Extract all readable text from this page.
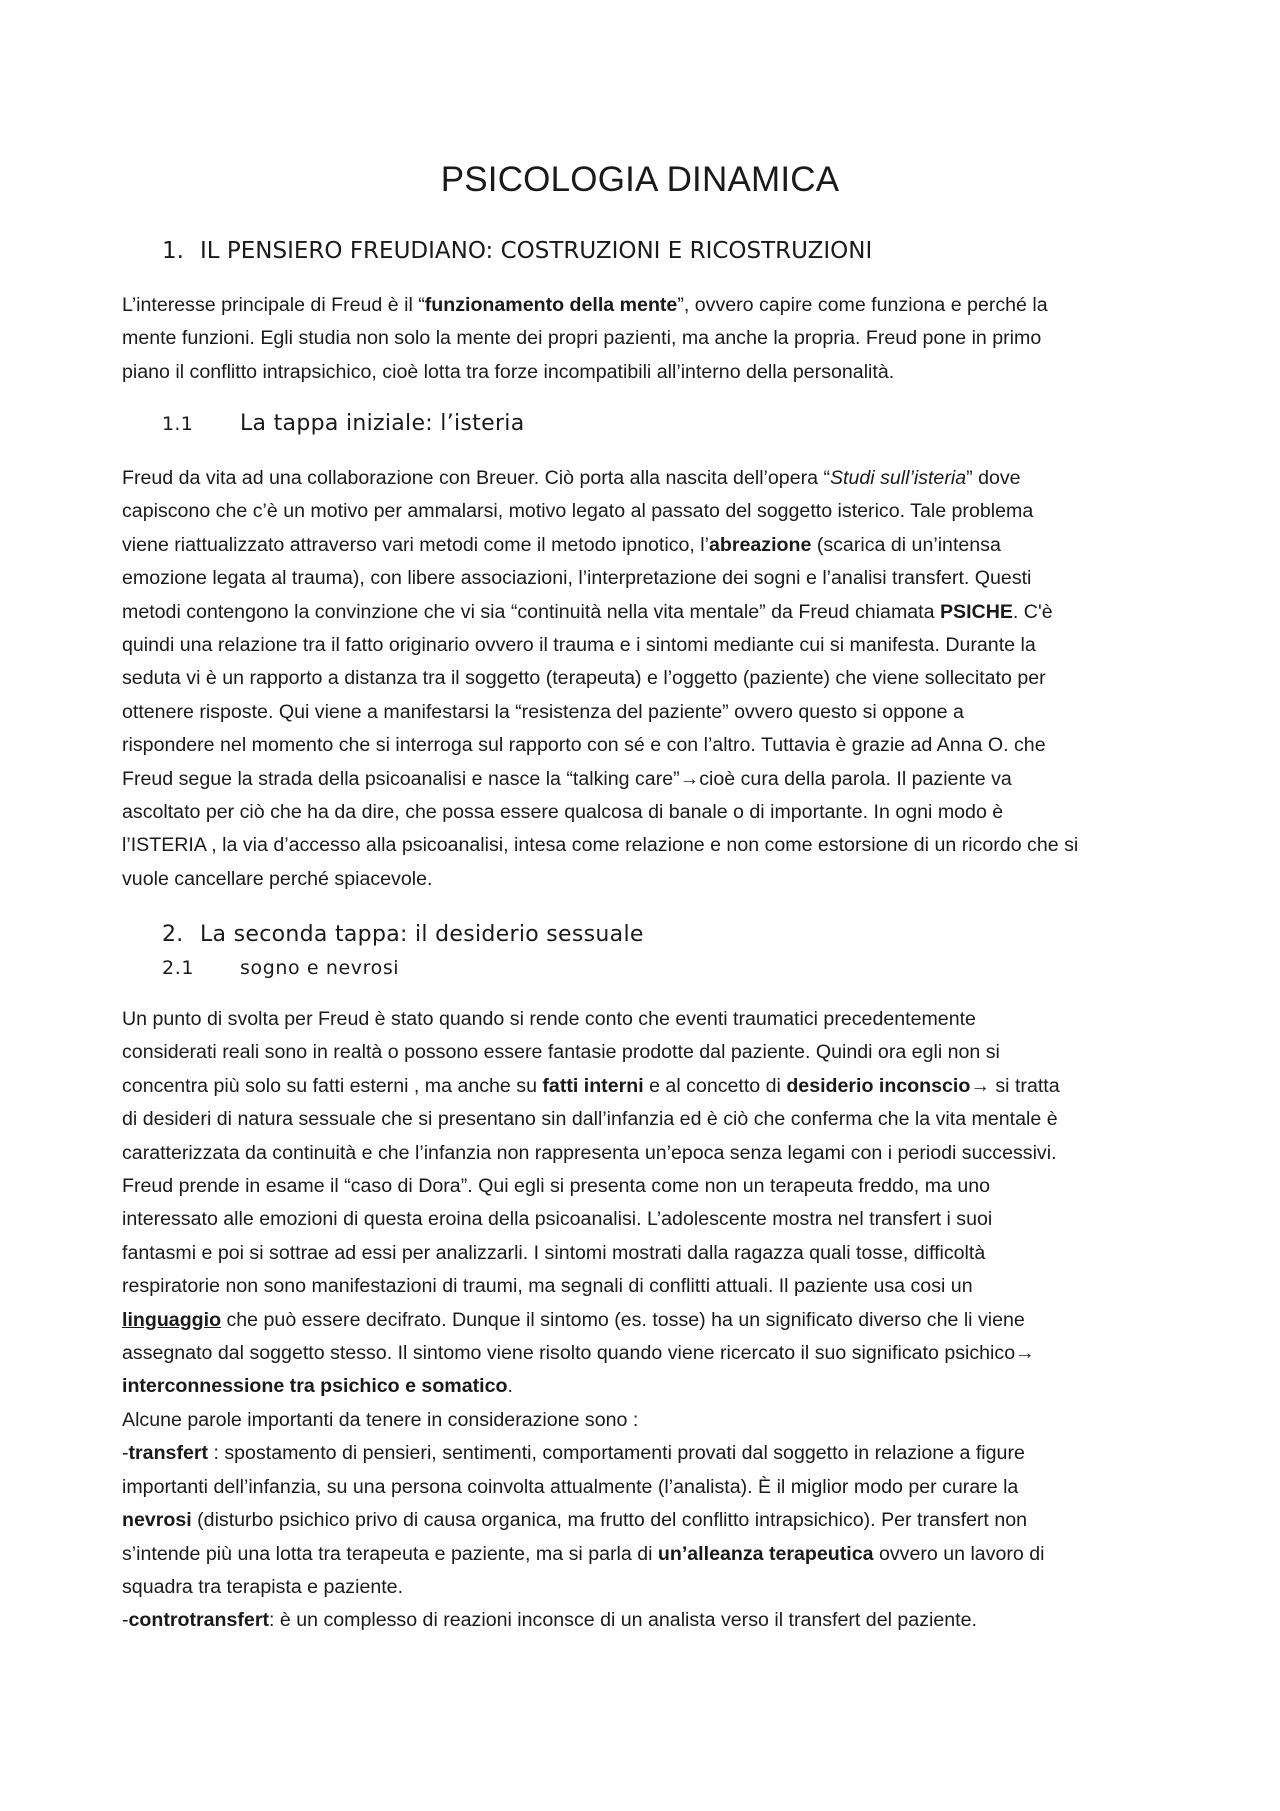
PSICOLOGIA DINAMICA
1. IL PENSIERO FREUDIANO: COSTRUZIONI E RICOSTRUZIONI
L’interesse principale di Freud è il “funzionamento della mente”, ovvero capire come funziona e perché la
mente funzioni. Egli studia non solo la mente dei propri pazienti, ma anche la propria. Freud pone in primo
piano il conflitto intrapsichico, cioè lotta tra forze incompatibili all’interno della personalità.
1.1 La tappa iniziale: l’isteria
Freud da vita ad una collaborazione con Breuer. Ciò porta alla nascita dell’opera “Studi sull’isteria” dove
capiscono che c’è un motivo per ammalarsi, motivo legato al passato del soggetto isterico. Tale problema
viene riattualizzato attraverso vari metodi come il metodo ipnotico, l’abreazione (scarica di un’intensa
emozione legata al trauma), con libere associazioni, l’interpretazione dei sogni e l’analisi transfert. Questi
metodi contengono la convinzione che vi sia “continuità nella vita mentale” da Freud chiamata PSICHE. C'è
quindi una relazione tra il fatto originario ovvero il trauma e i sintomi mediante cui si manifesta. Durante la
seduta vi è un rapporto a distanza tra il soggetto (terapeuta) e l’oggetto (paziente) che viene sollecitato per
ottenere risposte. Qui viene a manifestarsi la “resistenza del paziente” ovvero questo si oppone a
rispondere nel momento che si interroga sul rapporto con sé e con l’altro. Tuttavia è grazie ad Anna O. che
Freud segue la strada della psicoanalisi e nasce la “talking care”→cioè cura della parola. Il paziente va
ascoltato per ciò che ha da dire, che possa essere qualcosa di banale o di importante. In ogni modo è
l’ISTERIA , la via d’accesso alla psicoanalisi, intesa come relazione e non come estorsione di un ricordo che si
vuole cancellare perché spiacevole.
2. La seconda tappa: il desiderio sessuale
2.1 sogno e nevrosi
Un punto di svolta per Freud è stato quando si rende conto che eventi traumatici precedentemente
considerati reali sono in realtà o possono essere fantasie prodotte dal paziente. Quindi ora egli non si
concentra più solo su fatti esterni , ma anche su fatti interni e al concetto di desiderio inconscio→ si tratta
di desideri di natura sessuale che si presentano sin dall’infanzia ed è ciò che conferma che la vita mentale è
caratterizzata da continuità e che l’infanzia non rappresenta un’epoca senza legami con i periodi successivi.
Freud prende in esame il “caso di Dora”. Qui egli si presenta come non un terapeuta freddo, ma uno
interessato alle emozioni di questa eroina della psicoanalisi. L’adolescente mostra nel transfert i suoi
fantasmi e poi si sottrae ad essi per analizzarli. I sintomi mostrati dalla ragazza quali tosse, difficoltà
respiratorie non sono manifestazioni di traumi, ma segnali di conflitti attuali. Il paziente usa cosi un
linguaggio che può essere decifrato. Dunque il sintomo (es. tosse) ha un significato diverso che li viene
assegnato dal soggetto stesso. Il sintomo viene risolto quando viene ricercato il suo significato psichico→
interconnessione tra psichico e somatico.
Alcune parole importanti da tenere in considerazione sono :
-transfert : spostamento di pensieri, sentimenti, comportamenti provati dal soggetto in relazione a figure
importanti dell’infanzia, su una persona coinvolta attualmente (l’analista). È il miglior modo per curare la
nevrosi (disturbo psichico privo di causa organica, ma frutto del conflitto intrapsichico). Per transfert non
s’intende più una lotta tra terapeuta e paziente, ma si parla di un’alleanza terapeutica ovvero un lavoro di
squadra tra terapista e paziente.
-controtransfert: è un complesso di reazioni inconsce di un analista verso il transfert del paziente.
